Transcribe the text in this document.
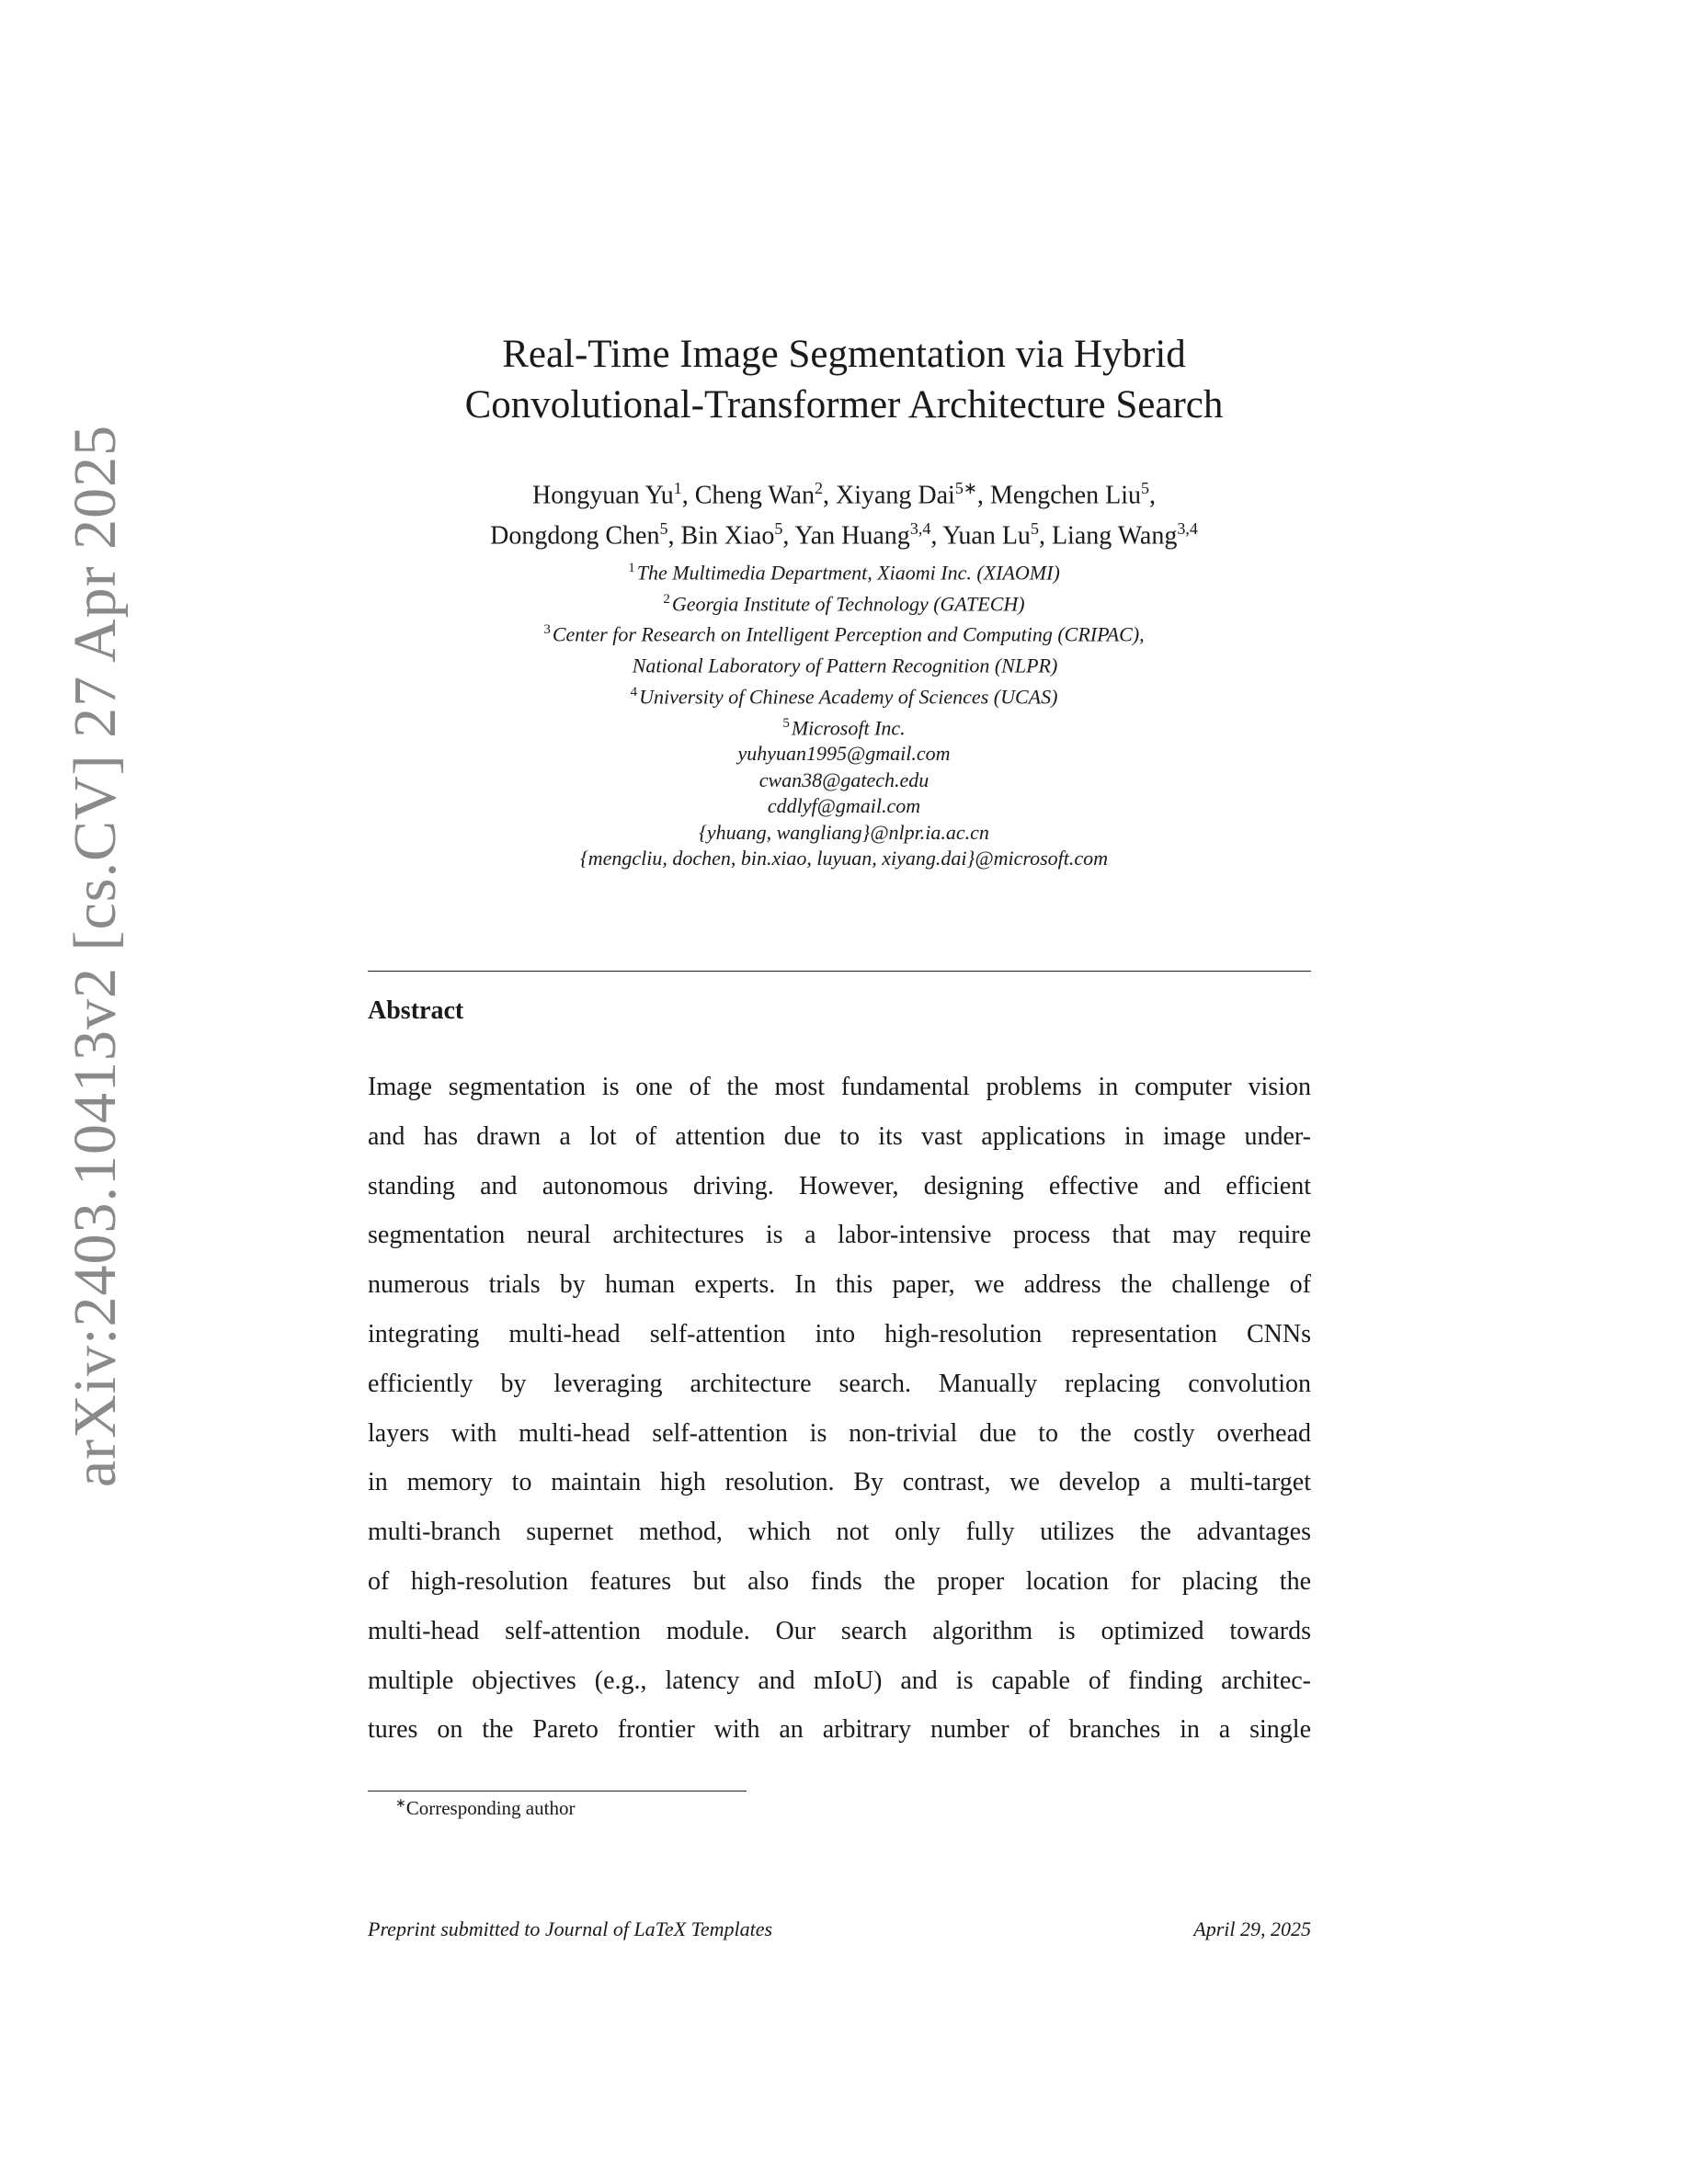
arXiv:2403.10413v2 [cs.CV] 27 Apr 2025
Real-Time Image Segmentation via Hybrid
Convolutional-Transformer Architecture Search
Hongyuan Yu$^1$, Cheng Wan$^2$, Xiyang Dai$^{5∗}$, Mengchen Liu$^5$,
Dongdong Chen$^5$, Bin Xiao$^5$, Yan Huang$^{3,4}$, Yuan Lu$^5$, Liang Wang$^{3,4}$
$^1$The Multimedia Department, Xiaomi Inc. (XIAOMI)
$^2$Georgia Institute of Technology (GATECH)
$^3$Center for Research on Intelligent Perception and Computing (CRIPAC),
National Laboratory of Pattern Recognition (NLPR)
$^4$University of Chinese Academy of Sciences (UCAS)
$^5$Microsoft Inc.
yuhyuan1995@gmail.com
cwan38@gatech.edu
cddlyf@gmail.com
{yhuang, wangliang}@nlpr.ia.ac.cn
{mengcliu, dochen, bin.xiao, luyuan, xiyang.dai}@microsoft.com
Abstract
Image segmentation is one of the most fundamental problems in computer vision
and has drawn a lot of attention due to its vast applications in image under-
standing and autonomous driving. However, designing effective and efficient
segmentation neural architectures is a labor-intensive process that may require
numerous trials by human experts. In this paper, we address the challenge of
integrating multi-head self-attention into high-resolution representation CNNs
efficiently by leveraging architecture search. Manually replacing convolution
layers with multi-head self-attention is non-trivial due to the costly overhead
in memory to maintain high resolution. By contrast, we develop a multi-target
multi-branch supernet method, which not only fully utilizes the advantages
of high-resolution features but also finds the proper location for placing the
multi-head self-attention module. Our search algorithm is optimized towards
multiple objectives (e.g., latency and mIoU) and is capable of finding architec-
tures on the Pareto frontier with an arbitrary number of branches in a single
∗Corresponding author
Preprint submitted to Journal of LaTeX Templates	April 29, 2025
